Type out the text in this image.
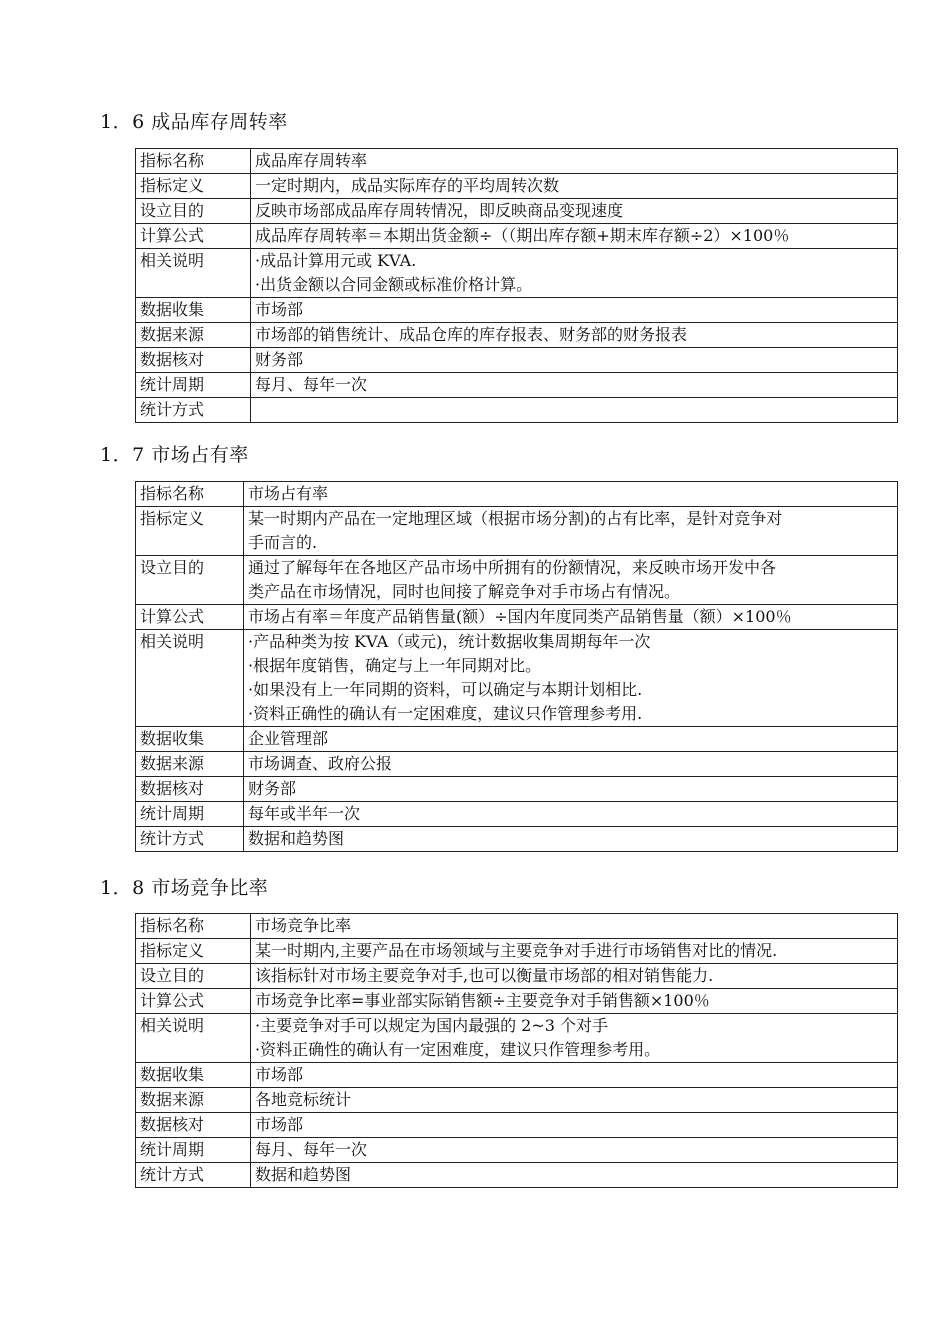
1．6 成品库存周转率
指标名称	成品库存周转率

指标定义	一定时期内，成品实际库存的平均周转次数

设立目的	反映市场部成品库存周转情况，即反映商品变现速度

计算公式	成品库存周转率＝本期出货金额÷（（期出库存额+期末库存额÷2）×100％

相关说明	·成品计算用元或 KVA.
·出货金额以合同金额或标准价格计算。

数据收集	市场部

数据来源	市场部的销售统计、成品仓库的库存报表、财务部的财务报表

数据核对	财务部

统计周期	每月、每年一次

统计方式	
1．7 市场占有率
指标名称	市场占有率

指标定义	某一时期内产品在一定地理区域（根据市场分割)的占有比率，是针对竞争对
手而言的.

设立目的	通过了解每年在各地区产品市场中所拥有的份额情况，来反映市场开发中各
类产品在市场情况，同时也间接了解竞争对手市场占有情况。

计算公式	市场占有率＝年度产品销售量(额）÷国内年度同类产品销售量（额）×100％

相关说明	·产品种类为按 KVA（或元)，统计数据收集周期每年一次
·根据年度销售，确定与上一年同期对比。
·如果没有上一年同期的资料，可以确定与本期计划相比.
·资料正确性的确认有一定困难度，建议只作管理参考用.

数据收集	企业管理部

数据来源	市场调查、政府公报

数据核对	财务部

统计周期	每年或半年一次

统计方式	数据和趋势图
1．8 市场竞争比率
指标名称	市场竞争比率

指标定义	某一时期内,主要产品在市场领域与主要竞争对手进行市场销售对比的情况.

设立目的	该指标针对市场主要竞争对手,也可以衡量市场部的相对销售能力.

计算公式	市场竞争比率=事业部实际销售额÷主要竞争对手销售额×100％

相关说明	·主要竞争对手可以规定为国内最强的 2~3 个对手
·资料正确性的确认有一定困难度，建议只作管理参考用。

数据收集	市场部

数据来源	各地竞标统计

数据核对	市场部

统计周期	每月、每年一次

统计方式	数据和趋势图
